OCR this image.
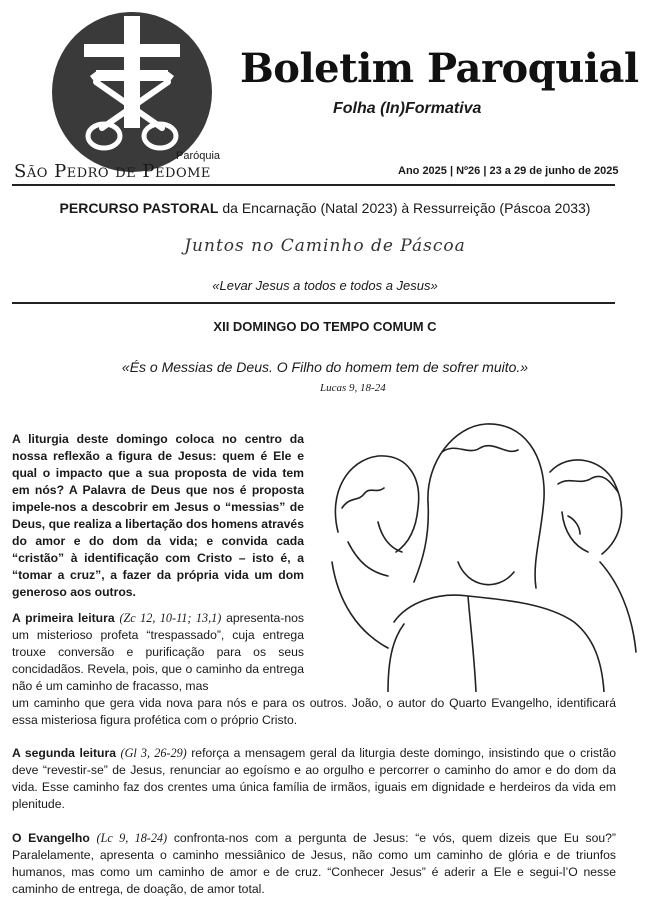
Boletim Paroquial
Folha (In)Formativa
Paróquia
São Pedro de Pedome	Ano 2025 | Nº26 | 23 a 29 de junho de 2025
PERCURSO PASTORAL da Encarnação (Natal 2023) à Ressurreição (Páscoa 2033)
Juntos no Caminho de Páscoa
«Levar Jesus a todos e todos a Jesus»
XII DOMINGO DO TEMPO COMUM C
«És o Messias de Deus. O Filho do homem tem de sofrer muito.»
Lucas 9, 18-24
A liturgia deste domingo coloca no centro da nossa reflexão a figura de Jesus: quem é Ele e qual o impacto que a sua proposta de vida tem em nós? A Palavra de Deus que nos é proposta impele-nos a descobrir em Jesus o “messias” de Deus, que realiza a libertação dos homens através do amor e do dom da vida; e convida cada “cristão” à identificação com Cristo – isto é, a “tomar a cruz”, a fazer da própria vida um dom generoso aos outros.
A primeira leitura (Zc 12, 10-11; 13,1) apresenta-nos um misterioso profeta “trespassado”, cuja entrega trouxe conversão e purificação para os seus concidadãos. Revela, pois, que o caminho da entrega não é um caminho de fracasso, mas
um caminho que gera vida nova para nós e para os outros. João, o autor do Quarto Evangelho, identificará essa misteriosa figura profética com o próprio Cristo.
A segunda leitura (Gl 3, 26-29) reforça a mensagem geral da liturgia deste domingo, insistindo que o cristão deve “revestir-se” de Jesus, renunciar ao egoísmo e ao orgulho e percorrer o caminho do amor e do dom da vida. Esse caminho faz dos crentes uma única família de irmãos, iguais em dignidade e herdeiros da vida em plenitude.
O Evangelho (Lc 9, 18-24) confronta-nos com a pergunta de Jesus: “e vós, quem dizeis que Eu sou?” Paralelamente, apresenta o caminho messiânico de Jesus, não como um caminho de glória e de triunfos humanos, mas como um caminho de amor e de cruz. “Conhecer Jesus” é aderir a Ele e segui-l’O nesse caminho de entrega, de doação, de amor total.
